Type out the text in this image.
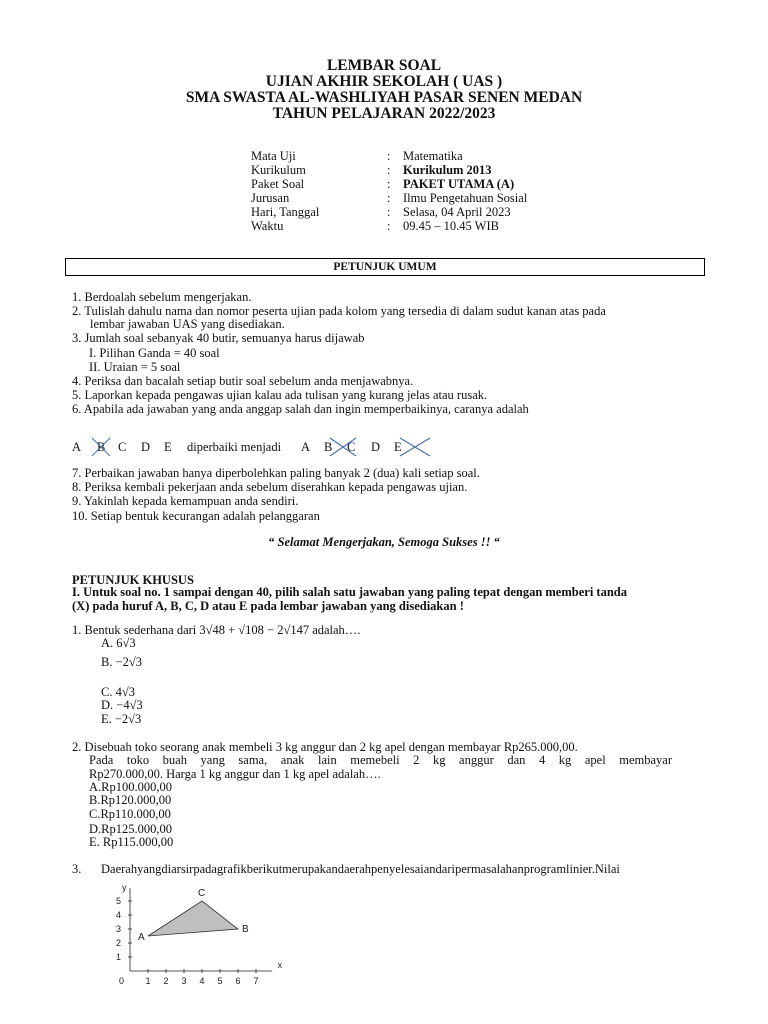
LEMBAR SOAL
UJIAN AKHIR SEKOLAH ( UAS )
SMA SWASTA AL-WASHLIYAH PASAR SENEN MEDAN
TAHUN PELAJARAN 2022/2023
Mata Uji	: Matematika
Kurikulum	: Kurikulum 2013
Paket Soal	: PAKET UTAMA (A)
Jurusan	: Ilmu Pengetahuan Sosial
Hari, Tanggal	: Selasa, 04 April 2023
Waktu	: 09.45 – 10.45 WIB
PETUNJUK UMUM
1. Berdoalah sebelum mengerjakan.
2. Tulislah dahulu nama dan nomor peserta ujian pada kolom yang tersedia di dalam sudut kanan atas pada
lembar jawaban UAS yang disediakan.
3. Jumlah soal sebanyak 40 butir, semuanya harus dijawab
I. Pilihan Ganda = 40 soal
II. Uraian = 5 soal
4. Periksa dan bacalah setiap butir soal sebelum anda menjawabnya.
5. Laporkan kepada pengawas ujian kalau ada tulisan yang kurang jelas atau rusak.
6. Apabila ada jawaban yang anda anggap salah dan ingin memperbaikinya, caranya adalah
A B C D E diperbaiki menjadi A B C D E
7. Perbaikan jawaban hanya diperbolehkan paling banyak 2 (dua) kali setiap soal.
8. Periksa kembali pekerjaan anda sebelum diserahkan kepada pengawas ujian.
9. Yakinlah kepada kemampuan anda sendiri.
10. Setiap bentuk kecurangan adalah pelanggaran
“ Selamat Mengerjakan, Semoga Sukses !! “
PETUNJUK KHUSUS
I. Untuk soal no. 1 sampai dengan 40, pilih salah satu jawaban yang paling tepat dengan memberi tanda
(X) pada huruf A, B, C, D atau E pada lembar jawaban yang disediakan !
1. Bentuk sederhana dari 3√48 + √108 − 2√147 adalah….
A. 6√3
B. −2√3
C. 4√3
D. −4√3
E. −2√3
2. Disebuah toko seorang anak membeli 3 kg anggur dan 2 kg apel dengan membayar Rp265.000,00.
Pada toko buah yang sama, anak lain memebeli 2 kg anggur dan 4 kg apel membayar
Rp270.000,00. Harga 1 kg anggur dan 1 kg apel adalah….
A.Rp100.000,00
B.Rp120.000,00
C.Rp110.000,00
D.Rp125.000,00
E. Rp115.000,00
3. Daerahyangdiarsirpadagrafikberikutmerupakandaerahpenyelesaiandaripermasalahanprogramlinier.Nilai
1 2 3 4 5 6 7
1
2
3
4
5
A
B
C
x
y
0
